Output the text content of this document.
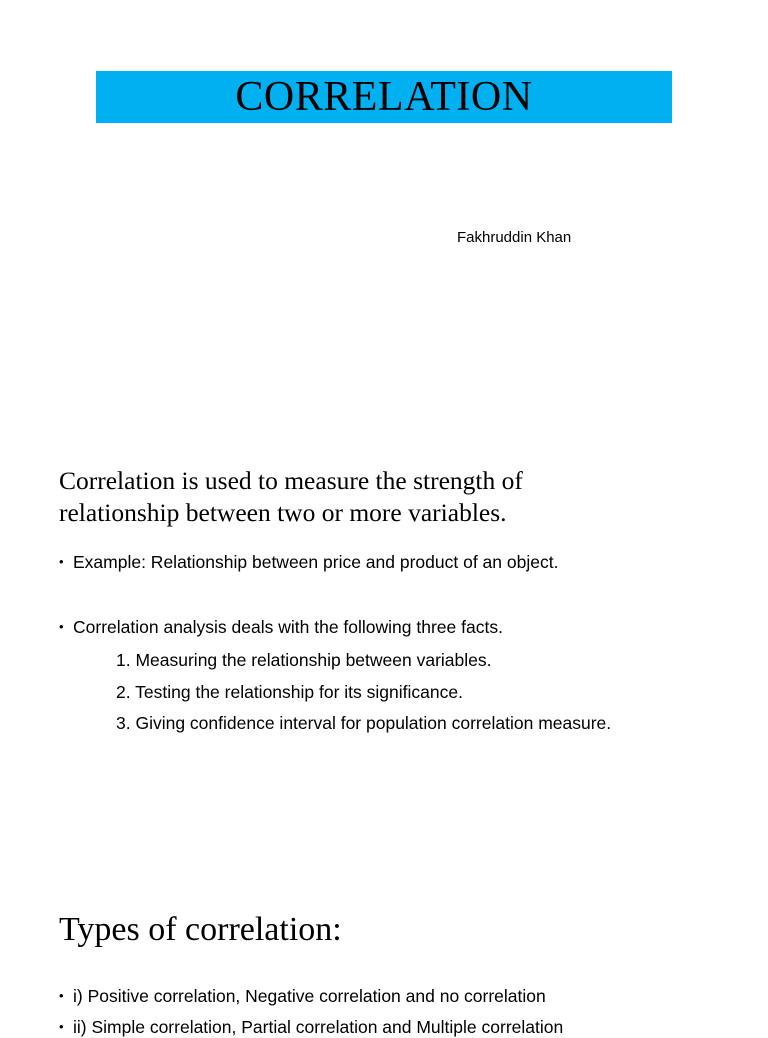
CORRELATION
Fakhruddin Khan
Correlation is used to measure the strength of
relationship between two or more variables.
• Example: Relationship between price and product of an object.
• Correlation analysis deals with the following three facts.
1. Measuring the relationship between variables.
2. Testing the relationship for its significance.
3. Giving confidence interval for population correlation measure.
Types of correlation:
• i) Positive correlation, Negative correlation and no correlation
• ii) Simple correlation, Partial correlation and Multiple correlation
